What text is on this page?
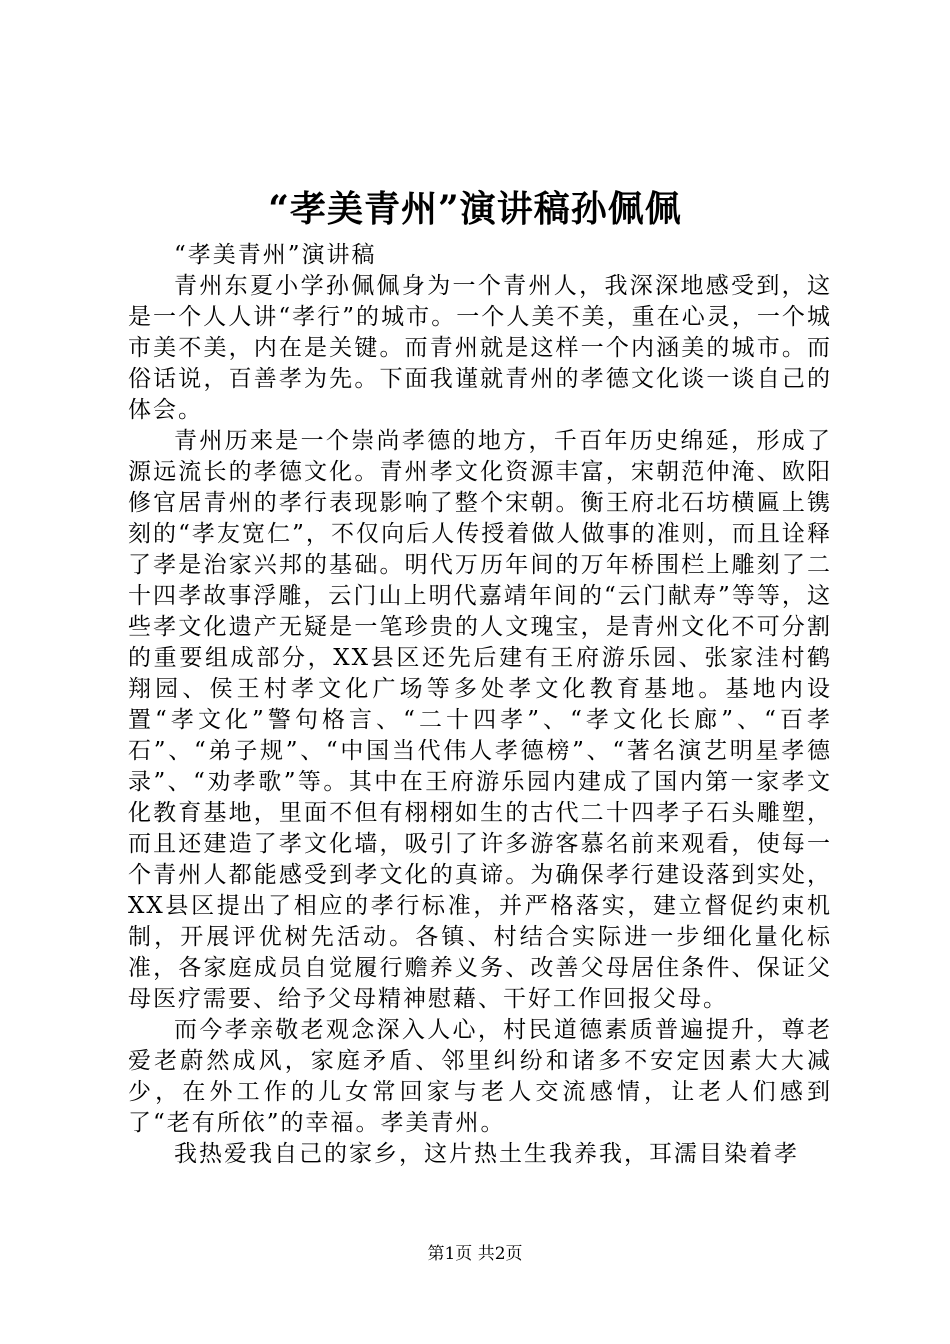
“孝美青州”演讲稿孙佩佩

“孝美青州”演讲稿

青州东夏小学孙佩佩身为一个青州人，我深深地感受到，这是一个人人讲“孝行”的城市。一个人美不美，重在心灵，一个城市美不美，内在是关键。而青州就是这样一个内涵美的城市。而俗话说，百善孝为先。下面我谨就青州的孝德文化谈一谈自己的体会。

青州历来是一个崇尚孝德的地方，千百年历史绵延，形成了源远流长的孝德文化。青州孝文化资源丰富，宋朝范仲淹、欧阳修官居青州的孝行表现影响了整个宋朝。衡王府北石坊横匾上镌刻的“孝友宽仁”，不仅向后人传授着做人做事的准则，而且诠释了孝是治家兴邦的基础。明代万历年间的万年桥围栏上雕刻了二十四孝故事浮雕，云门山上明代嘉靖年间的“云门献寿”等等，这些孝文化遗产无疑是一笔珍贵的人文瑰宝，是青州文化不可分割的重要组成部分，XX县区还先后建有王府游乐园、张家洼村鹤翔园、侯王村孝文化广场等多处孝文化教育基地。基地内设置“孝文化”警句格言、“二十四孝”、“孝文化长廊”、“百孝石”、“弟子规”、“中国当代伟人孝德榜”、“著名演艺明星孝德录”、“劝孝歌”等。其中在王府游乐园内建成了国内第一家孝文化教育基地，里面不但有栩栩如生的古代二十四孝子石头雕塑，而且还建造了孝文化墙，吸引了许多游客慕名前来观看，使每一个青州人都能感受到孝文化的真谛。为确保孝行建设落到实处，XX县区提出了相应的孝行标准，并严格落实，建立督促约束机制，开展评优树先活动。各镇、村结合实际进一步细化量化标准，各家庭成员自觉履行赡养义务、改善父母居住条件、保证父母医疗需要、给予父母精神慰藉、干好工作回报父母。

而今孝亲敬老观念深入人心，村民道德素质普遍提升，尊老爱老蔚然成风，家庭矛盾、邻里纠纷和诸多不安定因素大大减少，在外工作的儿女常回家与老人交流感情，让老人们感到了“老有所依”的幸福。孝美青州。

我热爱我自己的家乡，这片热土生我养我，耳濡目染着孝

第1页 共2页
